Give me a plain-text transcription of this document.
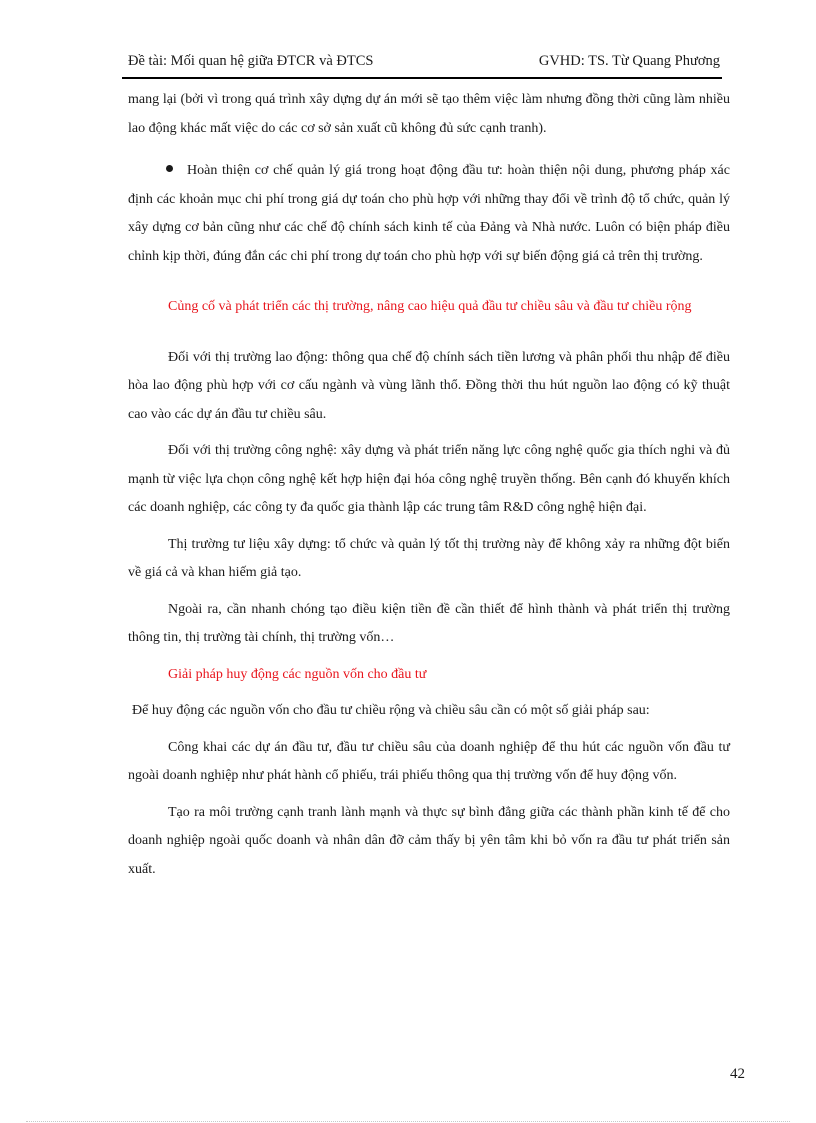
Đề tài: Mối quan hệ giữa ĐTCR và ĐTCS	GVHD: TS. Từ Quang Phương

mang lại (bởi vì trong quá trình xây dựng dự án mới sẽ tạo thêm việc làm nhưng đồng thời cũng làm nhiều lao động khác mất việc do các cơ sở sản xuất cũ không đủ sức cạnh tranh).

Hoàn thiện cơ chế quản lý giá trong hoạt động đầu tư: hoàn thiện nội dung, phương pháp xác định các khoản mục chi phí trong giá dự toán cho phù hợp với những thay đổi về trình độ tổ chức, quản lý xây dựng cơ bản cũng như các chế độ chính sách kinh tế của Đảng và Nhà nước. Luôn có biện pháp điều chỉnh kịp thời, đúng đắn các chi phí trong dự toán cho phù hợp với sự biến động giá cả trên thị trường.

Củng cố và phát triển các thị trường, nâng cao hiệu quả đầu tư chiều sâu và đầu tư chiều rộng

Đối với thị trường lao động: thông qua chế độ chính sách tiền lương và phân phối thu nhập để điều hòa lao động phù hợp với cơ cấu ngành và vùng lãnh thổ. Đồng thời thu hút nguồn lao động có kỹ thuật cao vào các dự án đầu tư chiều sâu.

Đối với thị trường công nghệ: xây dựng và phát triển năng lực công nghệ quốc gia thích nghi và đủ mạnh từ việc lựa chọn công nghệ kết hợp hiện đại hóa công nghệ truyền thống. Bên cạnh đó khuyến khích các doanh nghiệp, các công ty đa quốc gia thành lập các trung tâm R&D công nghệ hiện đại.

Thị trường tư liệu xây dựng: tổ chức và quản lý tốt thị trường này để không xảy ra những đột biến về giá cả và khan hiếm giả tạo.

Ngoài ra, cần nhanh chóng tạo điều kiện tiền đề cần thiết để hình thành và phát triển thị trường thông tin, thị trường tài chính, thị trường vốn…

Giải pháp huy động các nguồn vốn cho đầu tư

Để huy động các nguồn vốn cho đầu tư chiều rộng và chiều sâu cần có một số giải pháp sau:

Công khai các dự án đầu tư, đầu tư chiều sâu của doanh nghiệp để thu hút các nguồn vốn đầu tư ngoài doanh nghiệp như phát hành cổ phiếu, trái phiếu thông qua thị trường vốn để huy động vốn.

Tạo ra môi trường cạnh tranh lành mạnh và thực sự bình đẳng giữa các thành phần kinh tế để cho doanh nghiệp ngoài quốc doanh và nhân dân đỡ cảm thấy bị yên tâm khi bỏ vốn ra đầu tư phát triển sản xuất.

42
